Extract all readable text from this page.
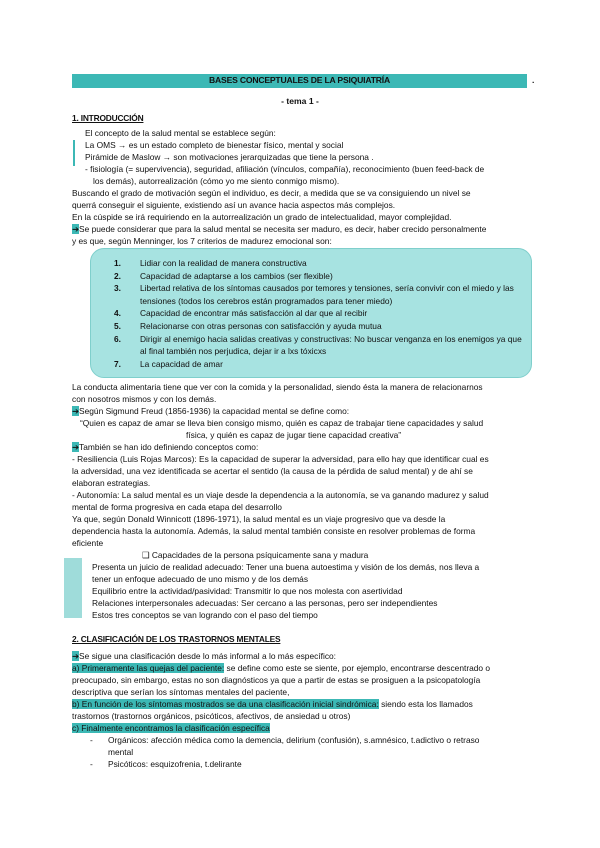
BASES CONCEPTUALES DE LA PSIQUIATRÍA	.
- tema 1 -
1. INTRODUCCIÓN
El concepto de la salud mental se establece según:
La OMS → es un estado completo de bienestar físico, mental y social
Pirámide de Maslow → son motivaciones jerarquizadas que tiene la persona .
- fisiología (= supervivencia), seguridad, afiliación (vínculos, compañía), reconocimiento (buen feed-back de
los demás), autorrealización (cómo yo me siento conmigo mismo).
Buscando el grado de motivación según el individuo, es decir, a medida que se va consiguiendo un nivel se
querrá conseguir el siguiente, existiendo así un avance hacia aspectos más complejos.
En la cúspide se irá requiriendo en la autorrealización un grado de intelectualidad, mayor complejidad.
➔Se puede considerar que para la salud mental se necesita ser maduro, es decir, haber crecido personalmente
y es que, según Menninger, los 7 criterios de madurez emocional son:
1.	Lidiar con la realidad de manera constructiva
2.	Capacidad de adaptarse a los cambios (ser flexible)
3.	Libertad relativa de los síntomas causados por temores y tensiones, sería convivir con el miedo y las
tensiones (todos los cerebros están programados para tener miedo)
4.	Capacidad de encontrar más satisfacción al dar que al recibir
5.	Relacionarse con otras personas con satisfacción y ayuda mutua
6.	Dirigir al enemigo hacia salidas creativas y constructivas: No buscar venganza en los enemigos ya que
al final también nos perjudica, dejar ir a lxs tóxicxs
7.	La capacidad de amar
La conducta alimentaria tiene que ver con la comida y la personalidad, siendo ésta la manera de relacionarnos
con nosotros mismos y con los demás.
➔Según Sigmund Freud (1856-1936) la capacidad mental se define como:
“Quien es capaz de amar se lleva bien consigo mismo, quién es capaz de trabajar tiene capacidades y salud
física, y quién es capaz de jugar tiene capacidad creativa”
➔También se han ido definiendo conceptos como:
- Resiliencia (Luis Rojas Marcos): Es la capacidad de superar la adversidad, para ello hay que identificar cual es
la adversidad, una vez identificada se acertar el sentido (la causa de la pérdida de salud mental) y de ahí se
elaboran estrategias.
- Autonomía: La salud mental es un viaje desde la dependencia a la autonomía, se va ganando madurez y salud
mental de forma progresiva en cada etapa del desarrollo
Ya que, según Donald Winnicott (1896-1971), la salud mental es un viaje progresivo que va desde la
dependencia hasta la autonomía. Además, la salud mental también consiste en resolver problemas de forma
eficiente
❑ Capacidades de la persona psíquicamente sana y madura
Presenta un juicio de realidad adecuado: Tener una buena autoestima y visión de los demás, nos lleva a
tener un enfoque adecuado de uno mismo y de los demás
Equilibrio entre la actividad/pasividad: Transmitir lo que nos molesta con asertividad
Relaciones interpersonales adecuadas: Ser cercano a las personas, pero ser independientes
Estos tres conceptos se van logrando con el paso del tiempo
2. CLASIFICACIÓN DE LOS TRASTORNOS MENTALES
➔Se sigue una clasificación desde lo más informal a lo más específico:
a) Primeramente las quejas del paciente: se define como este se siente, por ejemplo, encontrarse descentrado o
preocupado, sin embargo, estas no son diagnósticos ya que a partir de estas se prosiguen a la psicopatología
descriptiva que serían los síntomas mentales del paciente,
b) En función de los síntomas mostrados se da una clasificación inicial sindrómica: siendo esta los llamados
trastornos (trastornos orgánicos, psicóticos, afectivos, de ansiedad u otros)
c) Finalmente encontramos la clasificación específica
- Orgánicos: afección médica como la demencia, delirium (confusión), s.amnésico, t.adictivo o retraso
mental
- Psicóticos: esquizofrenia, t.delirante
